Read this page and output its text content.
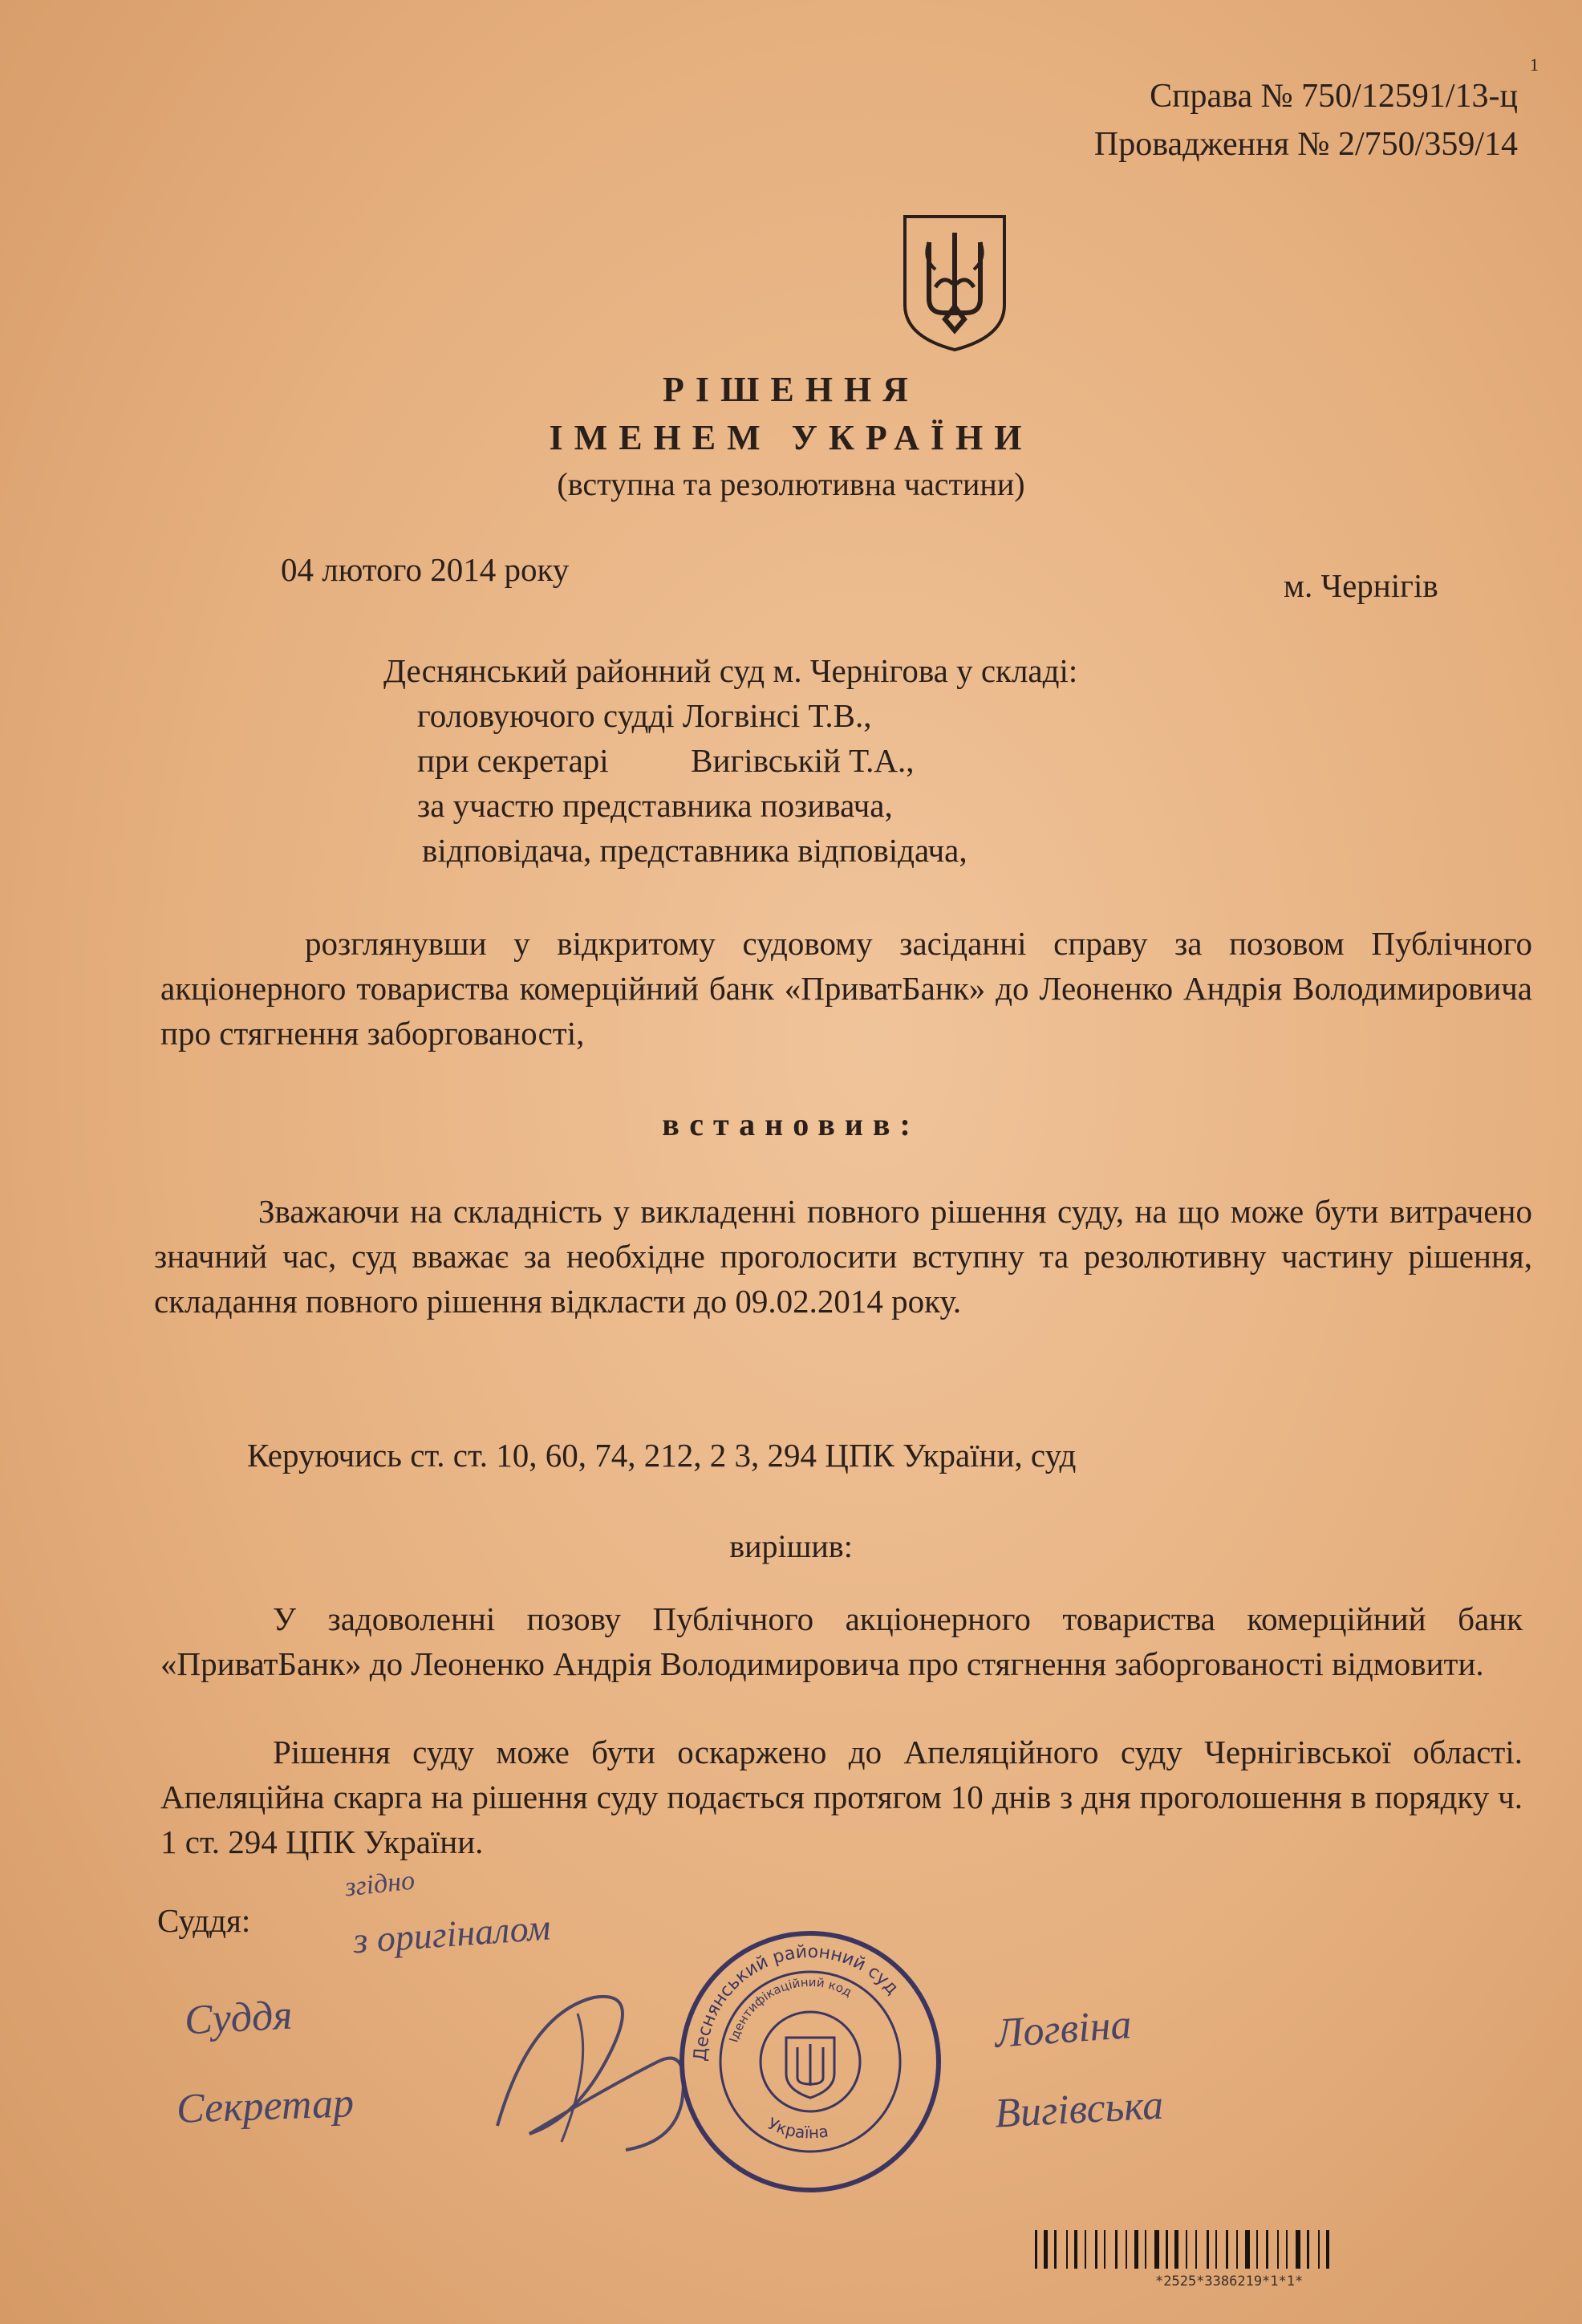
1
Справа № 750/12591/13-ц
Провадження № 2/750/359/14
РІШЕННЯ
ІМЕНЕМ УКРАЇНИ
(вступна та резолютивна частини)
04 лютого 2014 року	м. Чернігів
Деснянський районний суд м. Чернігова у складі:
головуючого судді Логвінсі Т.В.,
при секретарі          Вигівській Т.А.,
за участю представника позивача,
відповідача, представника відповідача,
розглянувши у відкритому судовому засіданні справу за позовом Публічного акціонерного товариства комерційний банк «ПриватБанк» до Леоненко Андрія Володимировича про стягнення заборгованості,
встановив:
Зважаючи на складність у викладенні повного рішення суду, на що може бути витрачено значний час, суд вважає за необхідне проголосити вступну та резолютивну частину рішення, складання повного рішення відкласти до 09.02.2014 року.
Керуючись ст. ст. 10, 60, 74, 212, 2 3, 294 ЦПК України, суд
вирішив:
У задоволенні позову Публічного акціонерного товариства комерційний банк «ПриватБанк» до Леоненко Андрія Володимировича про стягнення заборгованості відмовити.
Рішення суду може бути оскаржено до Апеляційного суду Чернігівської області. Апеляційна скарга на рішення суду подається протягом 10 днів з дня проголошення в порядку ч. 1 ст. 294 ЦПК України.
Суддя:
згідно
з оригіналом
Суддя
Секретар
Логвіна
Вигівська
Деснянський районний суд
Україна
Ідентифікаційний код
*2525*3386219*1*1*
